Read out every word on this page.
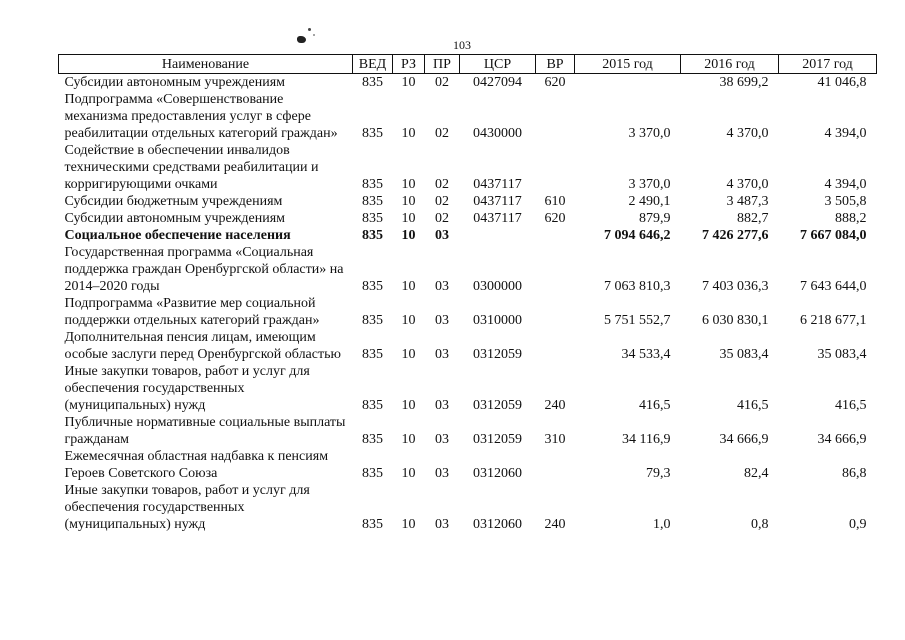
103
Наименование	ВЕД	РЗ	ПР	ЦСР	ВР	2015 год	2016 год	2017 год
Субсидии автономным учреждениям	835	10	02	0427094	620		38 699,2	41 046,8
Подпрограмма «Совершенствование механизма предоставления услуг в сфере реабилитации отдельных категорий граждан»	835	10	02	0430000		3 370,0	4 370,0	4 394,0
Содействие в обеспечении инвалидов техническими средствами реабилитации и корригирующими очками	835	10	02	0437117		3 370,0	4 370,0	4 394,0
Субсидии бюджетным учреждениям	835	10	02	0437117	610	2 490,1	3 487,3	3 505,8
Субсидии автономным учреждениям	835	10	02	0437117	620	879,9	882,7	888,2
Социальное обеспечение населения	835	10	03			7 094 646,2	7 426 277,6	7 667 084,0
Государственная программа «Социальная поддержка граждан Оренбургской области» на 2014–2020 годы	835	10	03	0300000		7 063 810,3	7 403 036,3	7 643 644,0
Подпрограмма «Развитие мер социальной поддержки отдельных категорий граждан»	835	10	03	0310000		5 751 552,7	6 030 830,1	6 218 677,1
Дополнительная пенсия лицам, имеющим особые заслуги перед Оренбургской областью	835	10	03	0312059		34 533,4	35 083,4	35 083,4
Иные закупки товаров, работ и услуг для обеспечения государственных (муниципальных) нужд	835	10	03	0312059	240	416,5	416,5	416,5
Публичные нормативные социальные выплаты гражданам	835	10	03	0312059	310	34 116,9	34 666,9	34 666,9
Ежемесячная областная надбавка к пенсиям Героев Советского Союза	835	10	03	0312060		79,3	82,4	86,8
Иные закупки товаров, работ и услуг для обеспечения государственных (муниципальных) нужд	835	10	03	0312060	240	1,0	0,8	0,9
